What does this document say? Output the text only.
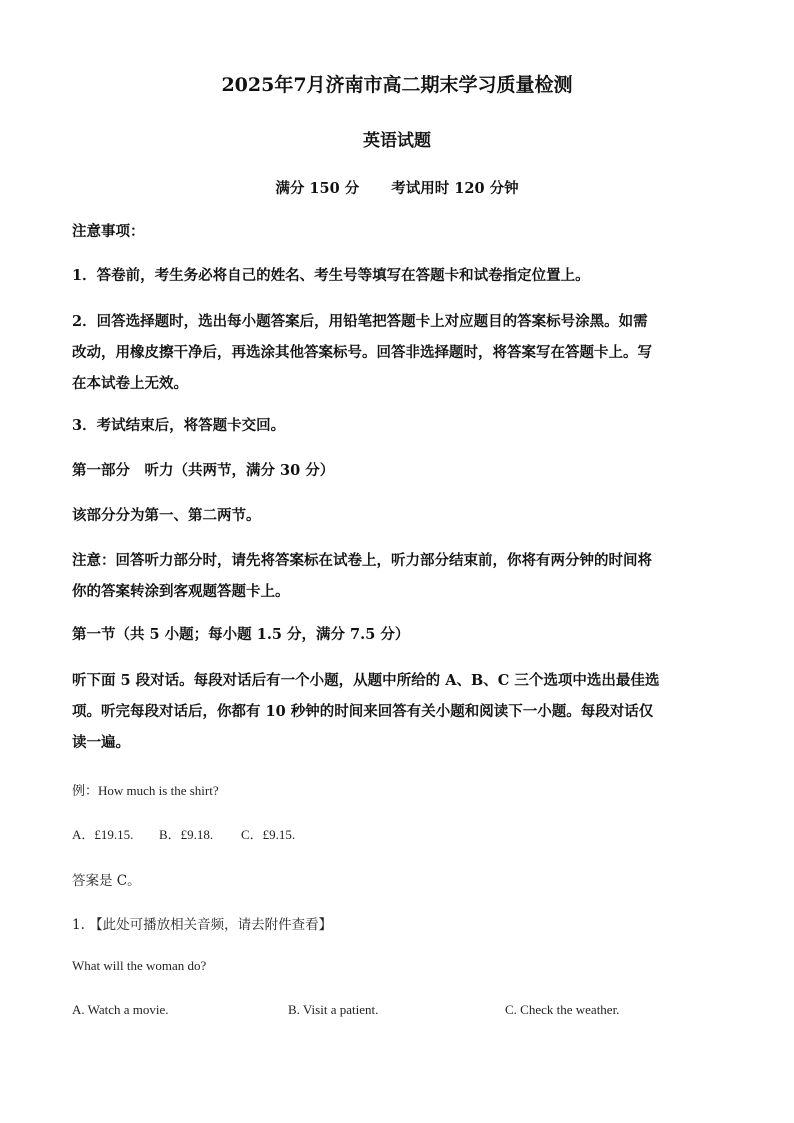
2025年7月济南市高二期末学习质量检测
英语试题
满分 150 分 考试用时 120 分钟
注意事项：
1．答卷前，考生务必将自己的姓名、考生号等填写在答题卡和试卷指定位置上。
2．回答选择题时，选出每小题答案后，用铅笔把答题卡上对应题目的答案标号涂黑。如需
改动，用橡皮擦干净后，再选涂其他答案标号。回答非选择题时，将答案写在答题卡上。写
在本试卷上无效。
3．考试结束后，将答题卡交回。
第一部分　听力（共两节，满分 30 分）
该部分分为第一、第二两节。
注意：回答听力部分时，请先将答案标在试卷上，听力部分结束前，你将有两分钟的时间将
你的答案转涂到客观题答题卡上。
第一节（共 5 小题；每小题 1.5 分，满分 7.5 分）
听下面 5 段对话。每段对话后有一个小题，从题中所给的 A、B、C 三个选项中选出最佳选
项。听完每段对话后，你都有 10 秒钟的时间来回答有关小题和阅读下一小题。每段对话仅
读一遍。
例：How much is the shirt?
A．£19.15. B．£9.18. C．£9.15.
答案是 C。
1. 【此处可播放相关音频，请去附件查看】
What will the woman do?
A. Watch a movie.	B. Visit a patient.	C. Check the weather.
